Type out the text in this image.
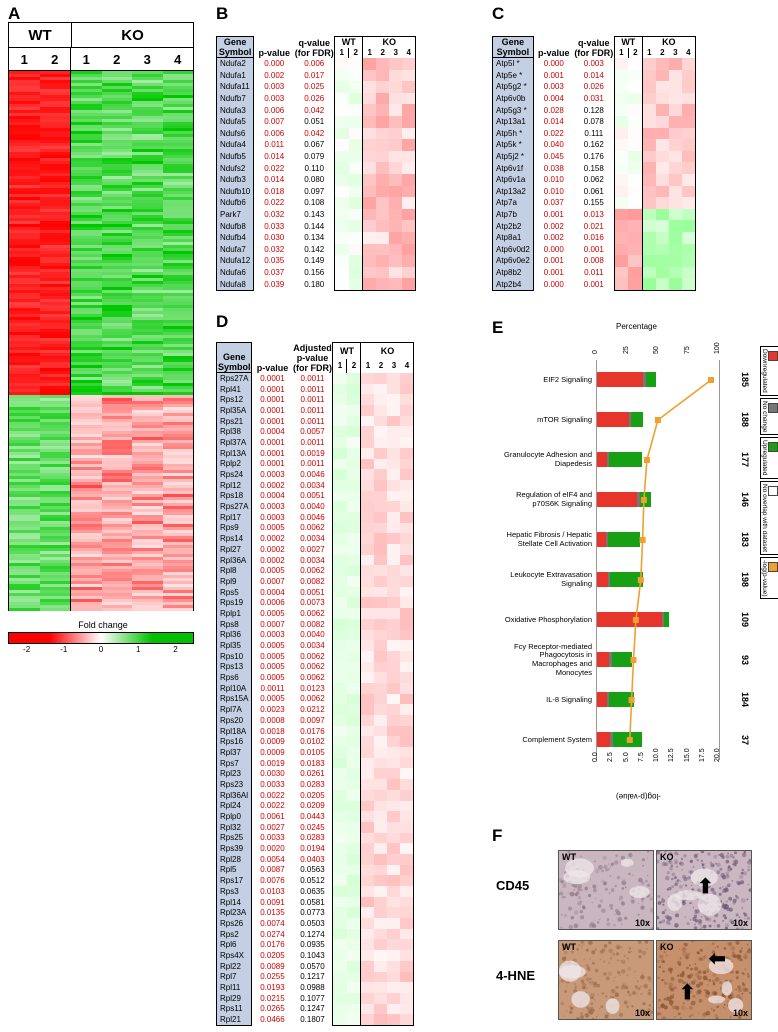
A
WT	KO
1	2	1	2	3	4
Fold change
-2	-1	0	1	2
B
Gene
Symbol	p-value	
q-value
(for FDR)
	WT	KO
			1	2	1	2	3	4
Ndufa2	0.000	0.006						
Ndufa1	0.002	0.017						
Ndufa11	0.003	0.025						
Ndufb7	0.003	0.026						
Ndufa3	0.006	0.042						
Ndufa5	0.007	0.051						
Ndufs6	0.006	0.042						
Ndufa4	0.011	0.067						
Ndufb5	0.014	0.079						
Ndufs2	0.022	0.110						
Ndufb3	0.014	0.080						
Ndufb10	0.018	0.097						
Ndufb6	0.022	0.108						
Park7	0.032	0.143						
Ndufb8	0.033	0.144						
Ndufb4	0.030	0.134						
Ndufa7	0.032	0.142						
Ndufa12	0.035	0.149						
Ndufa6	0.037	0.156						
Ndufa8	0.039	0.180						
C
Gene
Symbol	p-value	
q-value
(for FDR)
	WT	KO
			1	2	1	2	3	4
Atp5l *	0.000	0.003						
Atp5e *	0.001	0.014						
Atp5g2 *	0.003	0.026						
Atp6v0b	0.004	0.031						
Atp5g3 *	0.028	0.128						
Atp13a1	0.014	0.078						
Atp5h *	0.022	0.111						
Atp5k *	0.040	0.162						
Atp5j2 *	0.045	0.176						
Atp6v1f	0.038	0.158						
Atp6v1a	0.010	0.062						
Atp13a2	0.010	0.061						
Atp7a	0.037	0.155						
Atp7b	0.001	0.013						
Atp2b2	0.002	0.021						
Atp8a1	0.002	0.016						
Atp6v0d2	0.000	0.001						
Atp6v0e2	0.001	0.008						
Atp8b2	0.001	0.011						
Atp2b4	0.000	0.001						
D
Gene
Symbol	p-value	
Adjusted
p-value
(for FDR)
	WT	KO
			1	2	1	2	3	4

Rps27A	0.0001	0.0011						
Rpl41	0.0001	0.0011						
Rps12	0.0001	0.0011						
Rpl35A	0.0001	0.0011						
Rps21	0.0001	0.0011						
Rpl38	0.0004	0.0057						
Rpl37A	0.0001	0.0011						
Rpl13A	0.0001	0.0019						
Rplp2	0.0001	0.0011						
Rps24	0.0003	0.0046						
Rpl12	0.0002	0.0034						
Rps18	0.0004	0.0051						
Rps27A	0.0003	0.0040						
Rpl17	0.0003	0.0046						
Rps9	0.0005	0.0062						
Rps14	0.0002	0.0034						
Rpl27	0.0002	0.0027						
Rpl36A	0.0002	0.0034						
Rpl8	0.0005	0.0062						
Rpl9	0.0007	0.0082						
Rps5	0.0004	0.0051						
Rps19	0.0006	0.0073						
Rplp1	0.0005	0.0062						
Rps8	0.0007	0.0082						
Rpl36	0.0003	0.0040						
Rpl35	0.0005	0.0034						
Rps10	0.0005	0.0062						
Rps13	0.0005	0.0062						
Rps6	0.0005	0.0062						
Rpl10A	0.0011	0.0123						
Rps15A	0.0005	0.0062						
Rpl7A	0.0023	0.0212						
Rps20	0.0008	0.0097						
Rpl18A	0.0018	0.0176						
Rps16	0.0009	0.0102						
Rpl37	0.0009	0.0105						
Rps7	0.0019	0.0183						
Rpl23	0.0030	0.0261						
Rps23	0.0033	0.0283						
Rpl36Al	0.0022	0.0205						
Rpl24	0.0022	0.0209						
Rplp0	0.0061	0.0443						
Rpl32	0.0027	0.0245						
Rps25	0.0033	0.0283						
Rps39	0.0020	0.0194						
Rpl28	0.0054	0.0403						
Rpl5	0.0087	0.0563						
Rps17	0.0076	0.0512						
Rps3	0.0103	0.0635						
Rpl14	0.0091	0.0581						
Rpl23A	0.0135	0.0773						
Rps26	0.0074	0.0503						
Rps2	0.0274	0.1274						
Rpl6	0.0176	0.0935						
Rps4X	0.0205	0.1043						
Rpl22	0.0089	0.0570						
Rpl7	0.0255	0.1217						
Rpl11	0.0193	0.0988						
Rpl29	0.0215	0.1077						
Rps11	0.0265	0.1247						
Rpl21	0.0466	0.1807						
E	Percentage
0	25	50	75	100
EIF2 Signaling	185
mTOR Signaling	188
Granulocyte Adhesion and Diapedesis	177
Regulation of eIF4 and p70S6K Signaling	146
Hepatic Fibrosis / Hepatic Stellate Cell Activation	183
Leukocyte Extravasation Signaling	198
Oxidative Phosphorylation	109
Fcy Receptor-mediated Phagocytosis in Macrophages and Monocytes
93
IL-8 Signaling	184
Complement System	37
0.0 2.5 5.0 7.5 10.0 12.5 15.0 17.5 20.0
-log(p-value)
Downregulated
No change
Upregulated
No overlap with dataset
-log(p-value)
F
CD45
4-HNE
WT
10x
KO
10x
⬆
WT
10x
KO
10x
⬅
⬆
